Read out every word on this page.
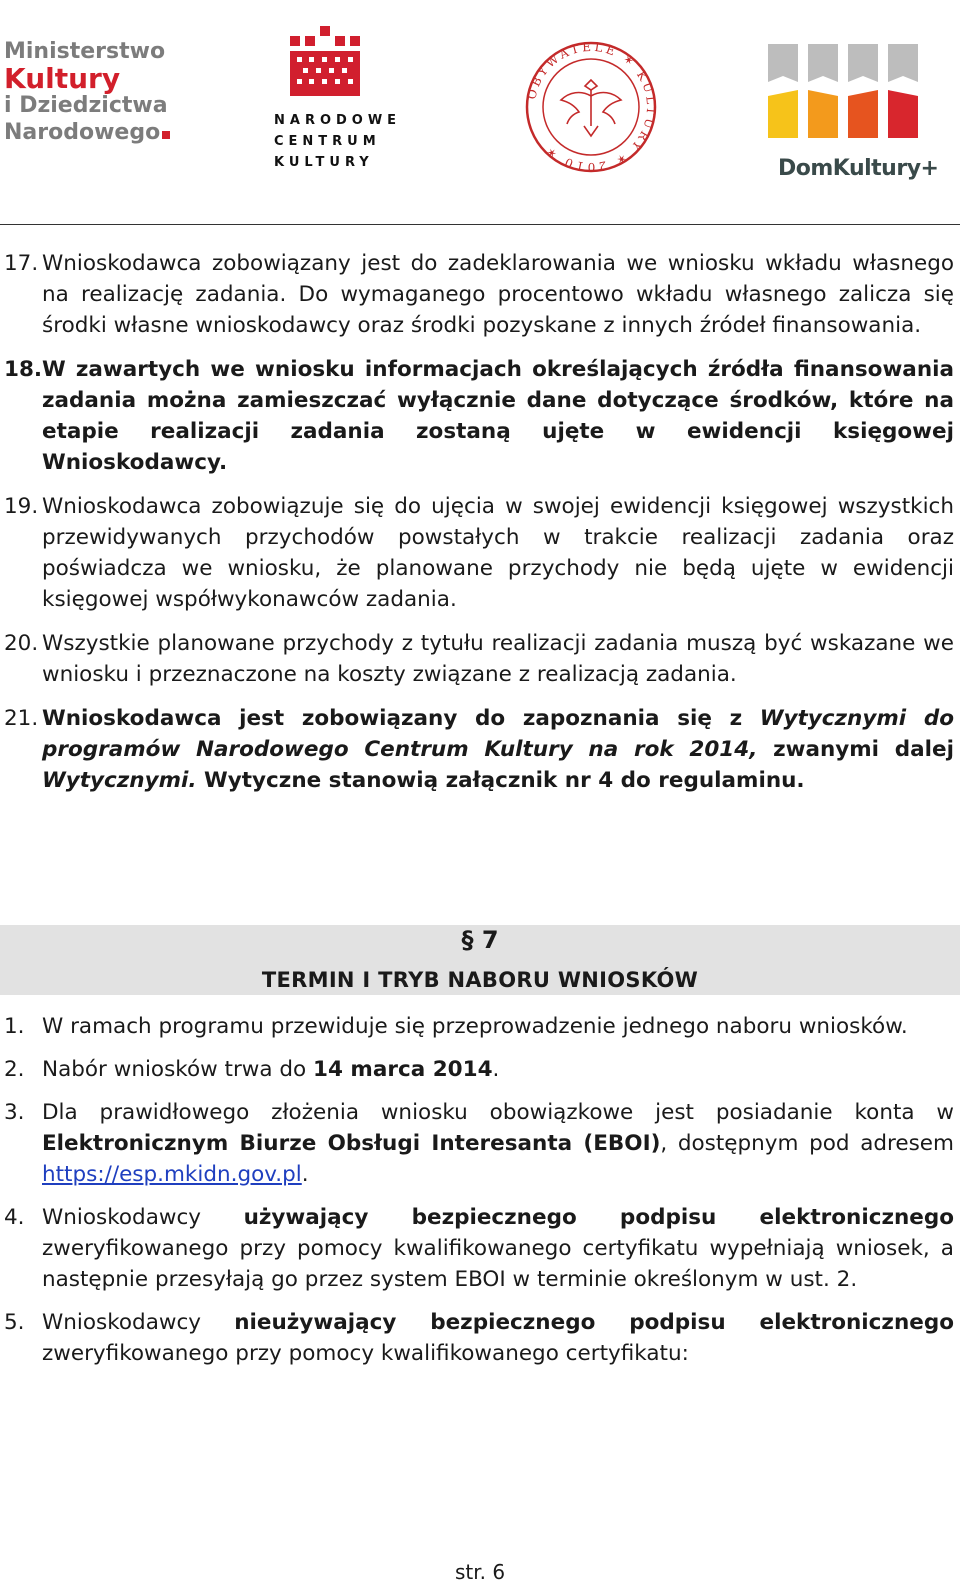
Ministerstwo
Kultury
i Dziedzictwa
Narodowego	NARODOWE
CENTRUM
KULTURY
OBYWATELE ✶ KULTURY ✶ 2010 ✶
DomKultury+
17. Wnioskodawca zobowiązany jest do zadeklarowania we wniosku wkładu własnego na realizację zadania. Do wymaganego procentowo wkładu własnego zalicza się środki własne wnioskodawcy oraz środki pozyskane z innych źródeł finansowania.
18. W zawartych we wniosku informacjach określających źródła finansowania zadania można zamieszczać wyłącznie dane dotyczące środków, które na etapie realizacji zadania zostaną ujęte w ewidencji księgowej Wnioskodawcy.
19. Wnioskodawca zobowiązuje się do ujęcia w swojej ewidencji księgowej wszystkich przewidywanych przychodów powstałych w trakcie realizacji zadania oraz poświadcza we wniosku, że planowane przychody nie będą ujęte w ewidencji księgowej współwykonawców zadania.
20. Wszystkie planowane przychody z tytułu realizacji zadania muszą być wskazane we wniosku i przeznaczone na koszty związane z realizacją zadania.
21. Wnioskodawca jest zobowiązany do zapoznania się z Wytycznymi do programów Narodowego Centrum Kultury na rok 2014, zwanymi dalej Wytycznymi. Wytyczne stanowią załącznik nr 4 do regulaminu.
§ 7
TERMIN I TRYB NABORU WNIOSKÓW
1. W ramach programu przewiduje się przeprowadzenie jednego naboru wniosków.
2. Nabór wniosków trwa do 14 marca 2014.
3. Dla prawidłowego złożenia wniosku obowiązkowe jest posiadanie konta w Elektronicznym Biurze Obsługi Interesanta (EBOI), dostępnym pod adresem https://esp.mkidn.gov.pl.
4. Wnioskodawcy używający bezpiecznego podpisu elektronicznego zweryfikowanego przy pomocy kwalifikowanego certyfikatu wypełniają wniosek, a następnie przesyłają go przez system EBOI w terminie określonym w ust. 2.
5. Wnioskodawcy nieużywający bezpiecznego podpisu elektronicznego zweryfikowanego przy pomocy kwalifikowanego certyfikatu:
str. 6
